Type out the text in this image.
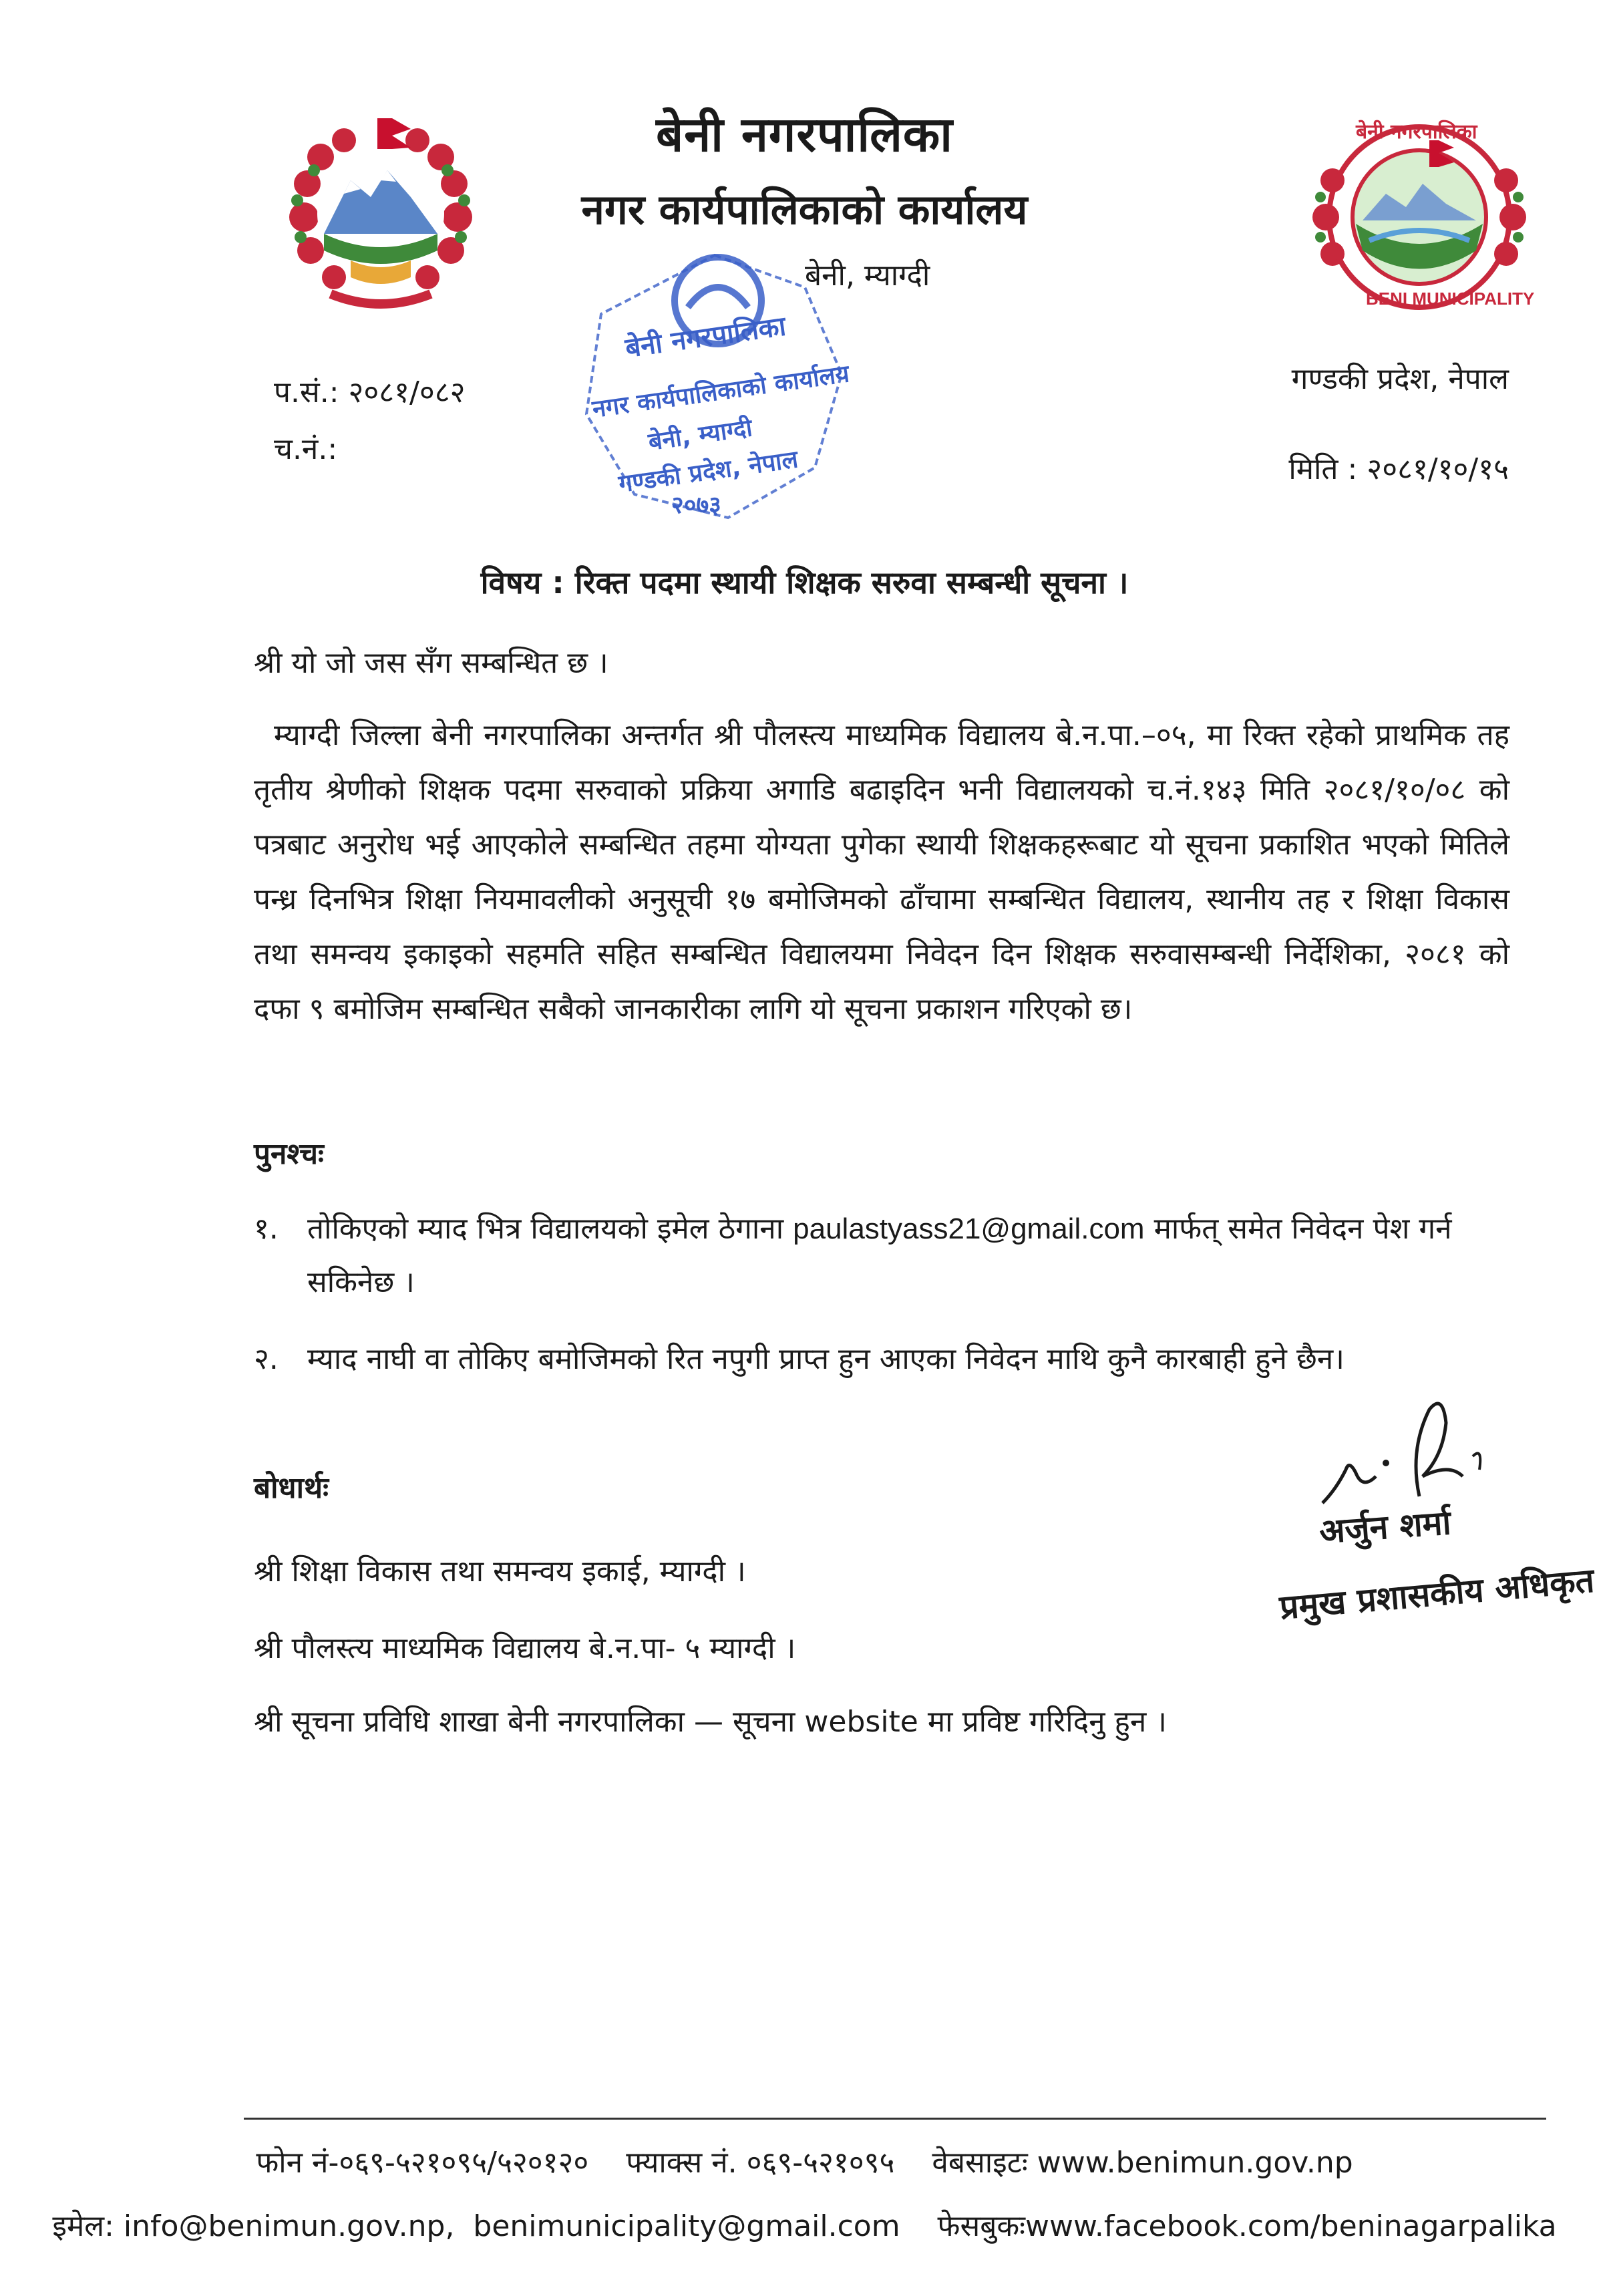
बेनी नगरपालिका
BENI MUNICIPALITY
बेनी नगरपालिका
नगर कार्यपालिकाको कार्यालय
बेनी, म्याग्दी
बेनी नगरपालिका
नगर कार्यपालिकाको कार्यालय
बेनी, म्याग्दी
गण्डकी प्रदेश, नेपाल
२०७३
प.सं.: २०८१/०८२
च.नं.:
गण्डकी प्रदेश, नेपाल
मिति : २०८१/१०/१५
विषय : रिक्त पदमा स्थायी शिक्षक सरुवा सम्बन्धी सूचना ।
श्री यो जो जस सँग सम्बन्धित छ ।
म्याग्दी जिल्ला बेनी नगरपालिका अन्तर्गत श्री पौलस्त्य माध्यमिक विद्यालय बे.न.पा.–०५, मा रिक्त रहेको प्राथमिक तह तृतीय श्रेणीको शिक्षक पदमा सरुवाको प्रक्रिया अगाडि बढाइदिन भनी विद्यालयको च.नं.१४३ मिति २०८१/१०/०८ को पत्रबाट अनुरोध भई आएकोले सम्बन्धित तहमा योग्यता पुगेका स्थायी शिक्षकहरूबाट यो सूचना प्रकाशित भएको मितिले पन्ध्र दिनभित्र शिक्षा नियमावलीको अनुसूची १७ बमोजिमको ढाँचामा सम्बन्धित विद्यालय, स्थानीय तह र शिक्षा विकास तथा समन्वय इकाइको सहमति सहित सम्बन्धित विद्यालयमा निवेदन दिन शिक्षक सरुवासम्बन्धी निर्देशिका, २०८१ को दफा ९ बमोजिम सम्बन्धित सबैको जानकारीका लागि यो सूचना प्रकाशन गरिएको छ।
पुनश्चः
१. तोकिएको म्याद भित्र विद्यालयको इमेल ठेगाना paulastyass21@gmail.com मार्फत् समेत निवेदन पेश गर्न सकिनेछ ।
२. म्याद नाघी वा तोकिए बमोजिमको रित नपुगी प्राप्त हुन आएका निवेदन माथि कुनै कारबाही हुने छैन।
बोधार्थः
श्री शिक्षा विकास तथा समन्वय इकाई, म्याग्दी ।
श्री पौलस्त्य माध्यमिक विद्यालय बे.न.पा- ५ म्याग्दी ।
श्री सूचना प्रविधि शाखा बेनी नगरपालिका — सूचना website मा प्रविष्ट गरिदिनु हुन ।
अर्जुन शर्मा
प्रमुख प्रशासकीय अधिकृत
फोन नं-०६९-५२१०९५/५२०१२०    फ्याक्स नं. ०६९-५२१०९५    वेबसाइटः www.benimun.gov.np
इमेल: info@benimun.gov.np,  benimunicipality@gmail.com    फेसबुकःwww.facebook.com/beninagarpalika
